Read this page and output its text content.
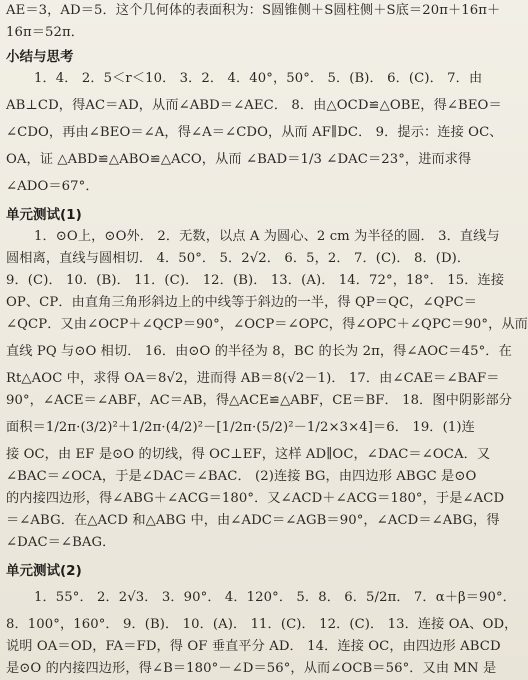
AE＝3，AD＝5．这个几何体的表面积为：S圆锥侧＋S圆柱侧＋S底＝20π＋16π＋
16π＝52π．
小结与思考
1．4． 2．5＜r＜10． 3．2． 4．40°，50°． 5．(B)． 6．(C)． 7．由
AB⊥CD，得AC＝AD，从而∠ABD＝∠AEC． 8．由△OCD≌△OBE，得∠BEO＝
∠CDO，再由∠BEO＝∠A，得∠A＝∠CDO，从而 AF∥DC． 9．提示：连接 OC、
OA，证 △ABD≌△ABO≌△ACO，从而 ∠BAD＝1/3 ∠DAC＝23°，进而求得
∠ADO＝67°．
单元测试(1)
1．⊙O上，⊙O外． 2．无数，以点 A 为圆心、2 cm 为半径的圆． 3．直线与
圆相离，直线与圆相切． 4．50°． 5．2√2． 6．5，2． 7．(C)． 8．(D)．
9．(C)． 10．(B)． 11．(C)． 12．(B)． 13．(A)． 14．72°，18°． 15．连接
OP、CP．由直角三角形斜边上的中线等于斜边的一半，得 QP＝QC，∠QPC＝
∠QCP．又由∠OCP＋∠QCP＝90°，∠OCP＝∠OPC，得∠OPC＋∠QPC＝90°，从而
直线 PQ 与⊙O 相切． 16．由⊙O 的半径为 8，BC 的长为 2π，得∠AOC＝45°．在
Rt△AOC 中，求得 OA＝8√2，进而得 AB＝8(√2－1)． 17．由∠CAE＝∠BAF＝
90°，∠ACE＝∠ABF，AC＝AB，得△ACE≌△ABF，CE＝BF． 18．图中阴影部分
面积＝1/2π·(3/2)²＋1/2π·(4/2)²－[1/2π·(5/2)²－1/2×3×4]＝6． 19．(1)连
接 OC，由 EF 是⊙O 的切线，得 OC⊥EF，这样 AD∥OC，∠DAC＝∠OCA．又
∠BAC＝∠OCA，于是∠DAC＝∠BAC． (2)连接 BG，由四边形 ABGC 是⊙O
的内接四边形，得∠ABG＋∠ACG＝180°．又∠ACD＋∠ACG＝180°，于是∠ACD
＝∠ABG．在△ACD 和△ABG 中，由∠ADC＝∠AGB＝90°，∠ACD＝∠ABG，得
∠DAC＝∠BAG．
单元测试(2)
1．55°． 2．2√3． 3．90°． 4．120°． 5．8． 6．5/2π． 7．α＋β＝90°．
8．100°，160°． 9．(B)． 10．(A)． 11．(C)． 12．(C)． 13．连接 OA、OD，
说明 OA＝OD，FA＝FD，得 OF 垂直平分 AD． 14．连接 OC，由四边形 ABCD
是⊙O 的内接四边形，得∠B＝180°－∠D＝56°，从而∠OCB＝56°．又由 MN 是
